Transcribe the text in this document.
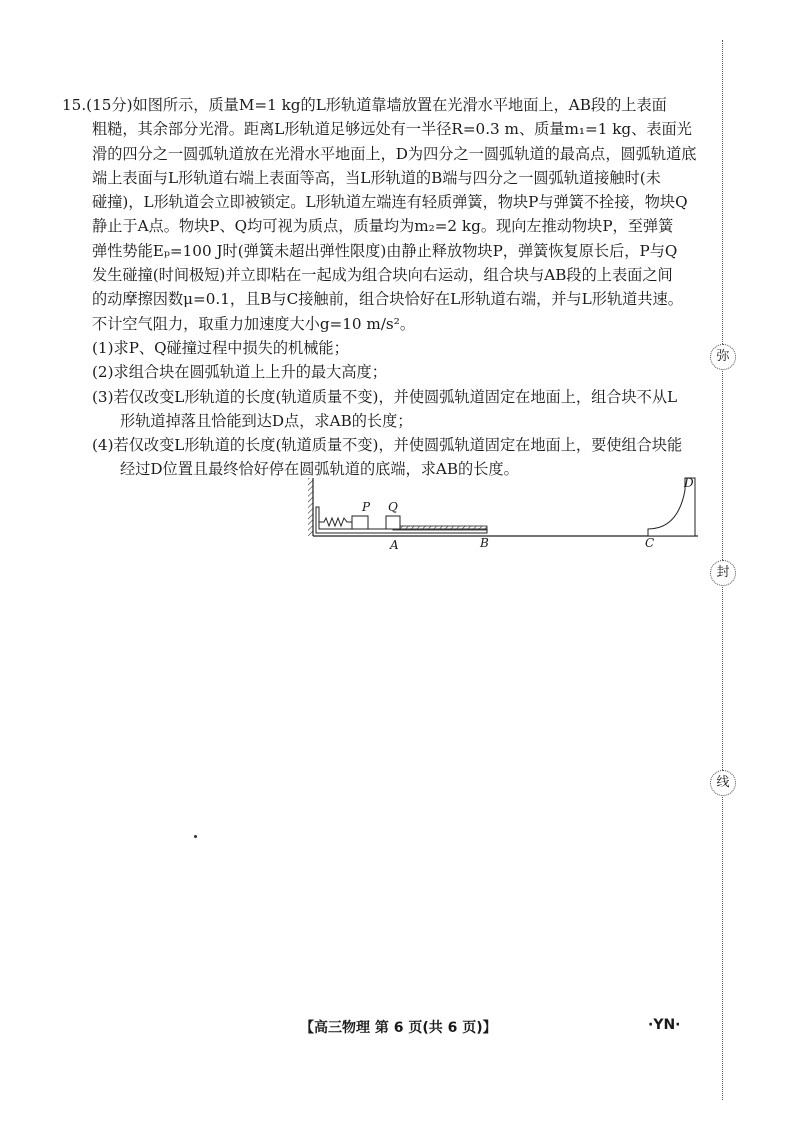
15.(15分)如图所示，质量M=1 kg的L形轨道靠墙放置在光滑水平地面上，AB段的上表面
粗糙，其余部分光滑。距离L形轨道足够远处有一半径R=0.3 m、质量m₁=1 kg、表面光
滑的四分之一圆弧轨道放在光滑水平地面上，D为四分之一圆弧轨道的最高点，圆弧轨道底
端上表面与L形轨道右端上表面等高，当L形轨道的B端与四分之一圆弧轨道接触时(未
碰撞)，L形轨道会立即被锁定。L形轨道左端连有轻质弹簧，物块P与弹簧不拴接，物块Q
静止于A点。物块P、Q均可视为质点，质量均为m₂=2 kg。现向左推动物块P，至弹簧
弹性势能Eₚ=100 J时(弹簧未超出弹性限度)由静止释放物块P，弹簧恢复原长后，P与Q
发生碰撞(时间极短)并立即粘在一起成为组合块向右运动，组合块与AB段的上表面之间
的动摩擦因数μ=0.1，且B与C接触前，组合块恰好在L形轨道右端，并与L形轨道共速。
不计空气阻力，取重力加速度大小g=10 m/s²。
(1)求P、Q碰撞过程中损失的机械能；
(2)求组合块在圆弧轨道上上升的最大高度；
(3)若仅改变L形轨道的长度(轨道质量不变)，并使圆弧轨道固定在地面上，组合块不从L
形轨道掉落且恰能到达D点，求AB的长度；
(4)若仅改变L形轨道的长度(轨道质量不变)，并使圆弧轨道固定在地面上，要使组合块能
经过D位置且最终恰好停在圆弧轨道的底端，求AB的长度。
P Q
A	B	C
D
【高三物理 第 6 页(共 6 页)】	·YN·
弥
封
线
